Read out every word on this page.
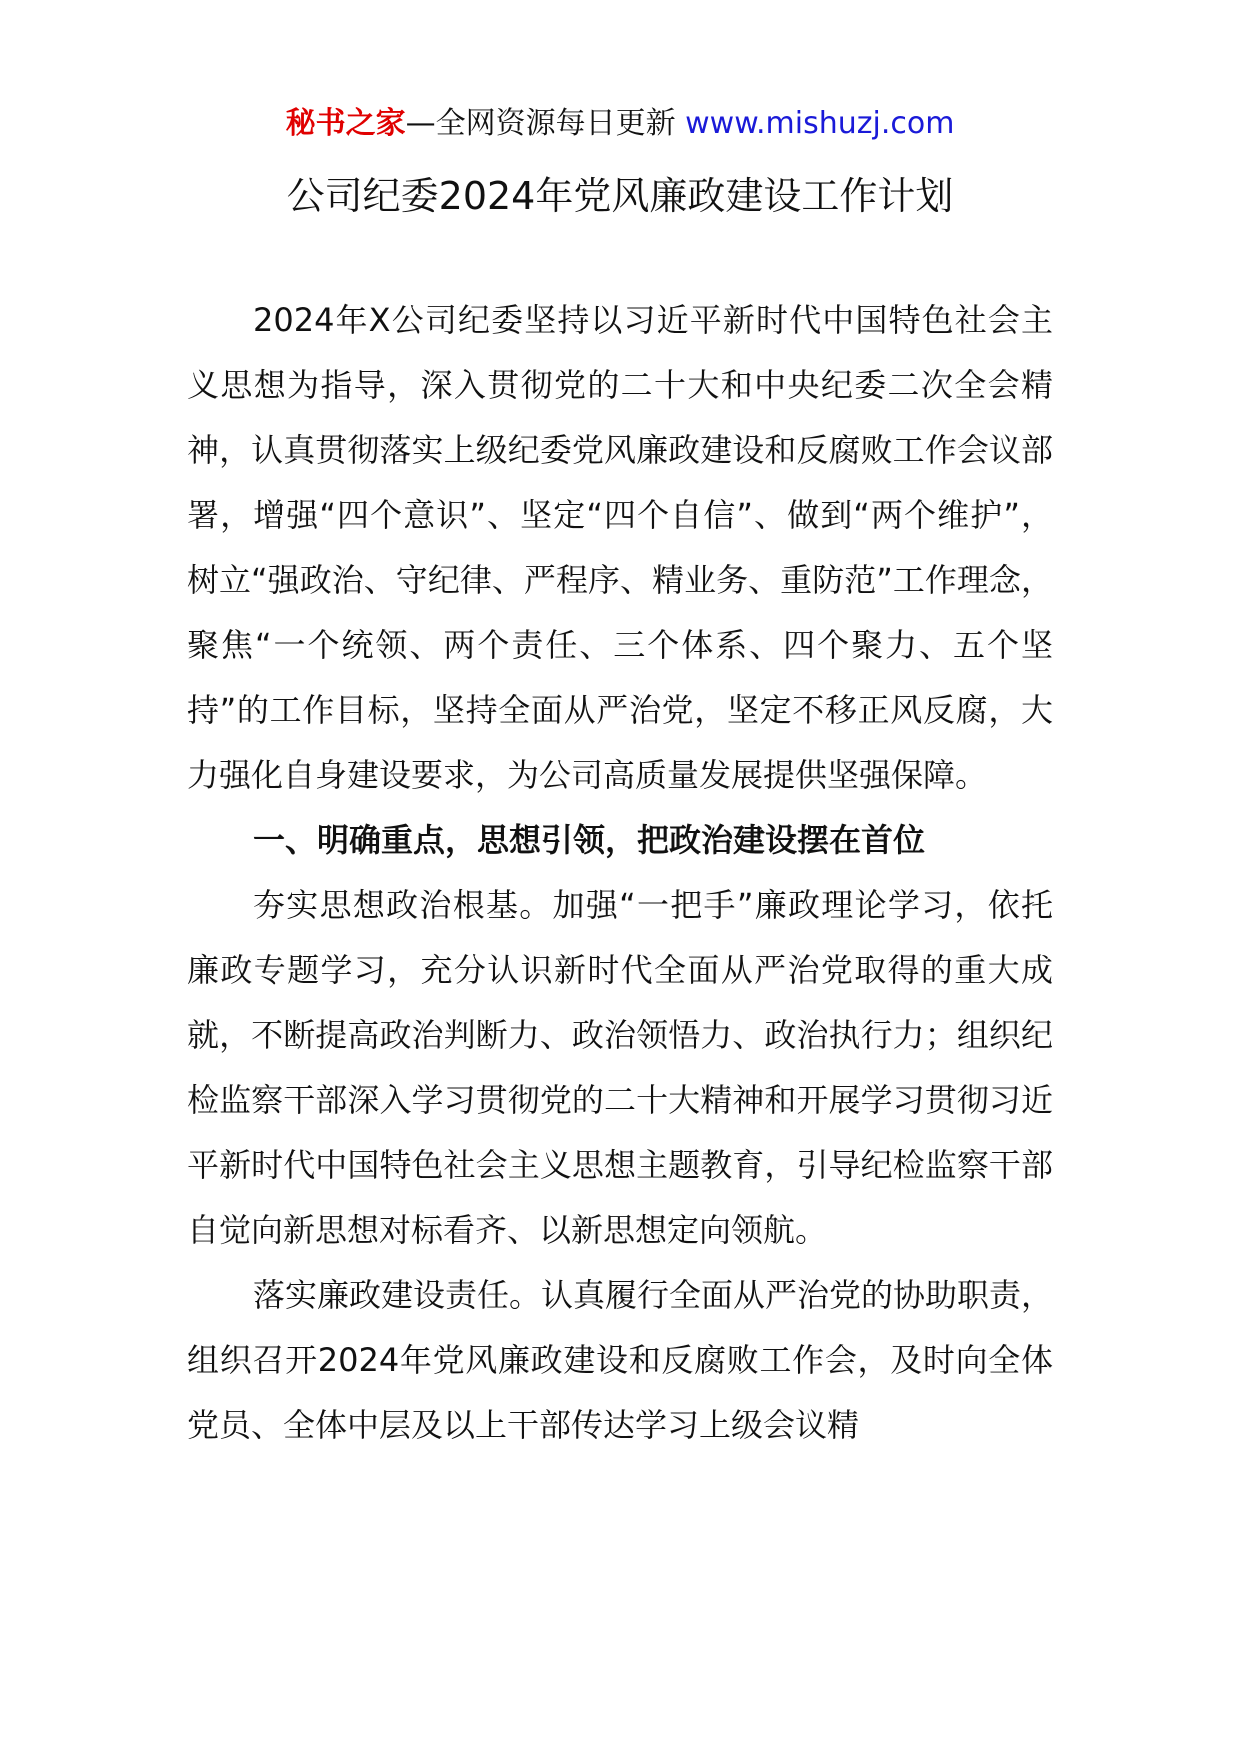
秘书之家—全网资源每日更新 www.mishuzj.com
公司纪委2024年党风廉政建设工作计划

2024年X公司纪委坚持以习近平新时代中国特色社会主义思想为指导，深入贯彻党的二十大和中央纪委二次全会精神，认真贯彻落实上级纪委党风廉政建设和反腐败工作会议部署，增强“四个意识”、坚定“四个自信”、做到“两个维护”，树立“强政治、守纪律、严程序、精业务、重防范”工作理念，聚焦“一个统领、两个责任、三个体系、四个聚力、五个坚持”的工作目标，坚持全面从严治党，坚定不移正风反腐，大力强化自身建设要求，为公司高质量发展提供坚强保障。

一、明确重点，思想引领，把政治建设摆在首位

夯实思想政治根基。加强“一把手”廉政理论学习，依托廉政专题学习，充分认识新时代全面从严治党取得的重大成就，不断提高政治判断力、政治领悟力、政治执行力；组织纪检监察干部深入学习贯彻党的二十大精神和开展学习贯彻习近平新时代中国特色社会主义思想主题教育，引导纪检监察干部自觉向新思想对标看齐、以新思想定向领航。

落实廉政建设责任。认真履行全面从严治党的协助职责，组织召开2024年党风廉政建设和反腐败工作会，及时向全体党员、全体中层及以上干部传达学习上级会议精
